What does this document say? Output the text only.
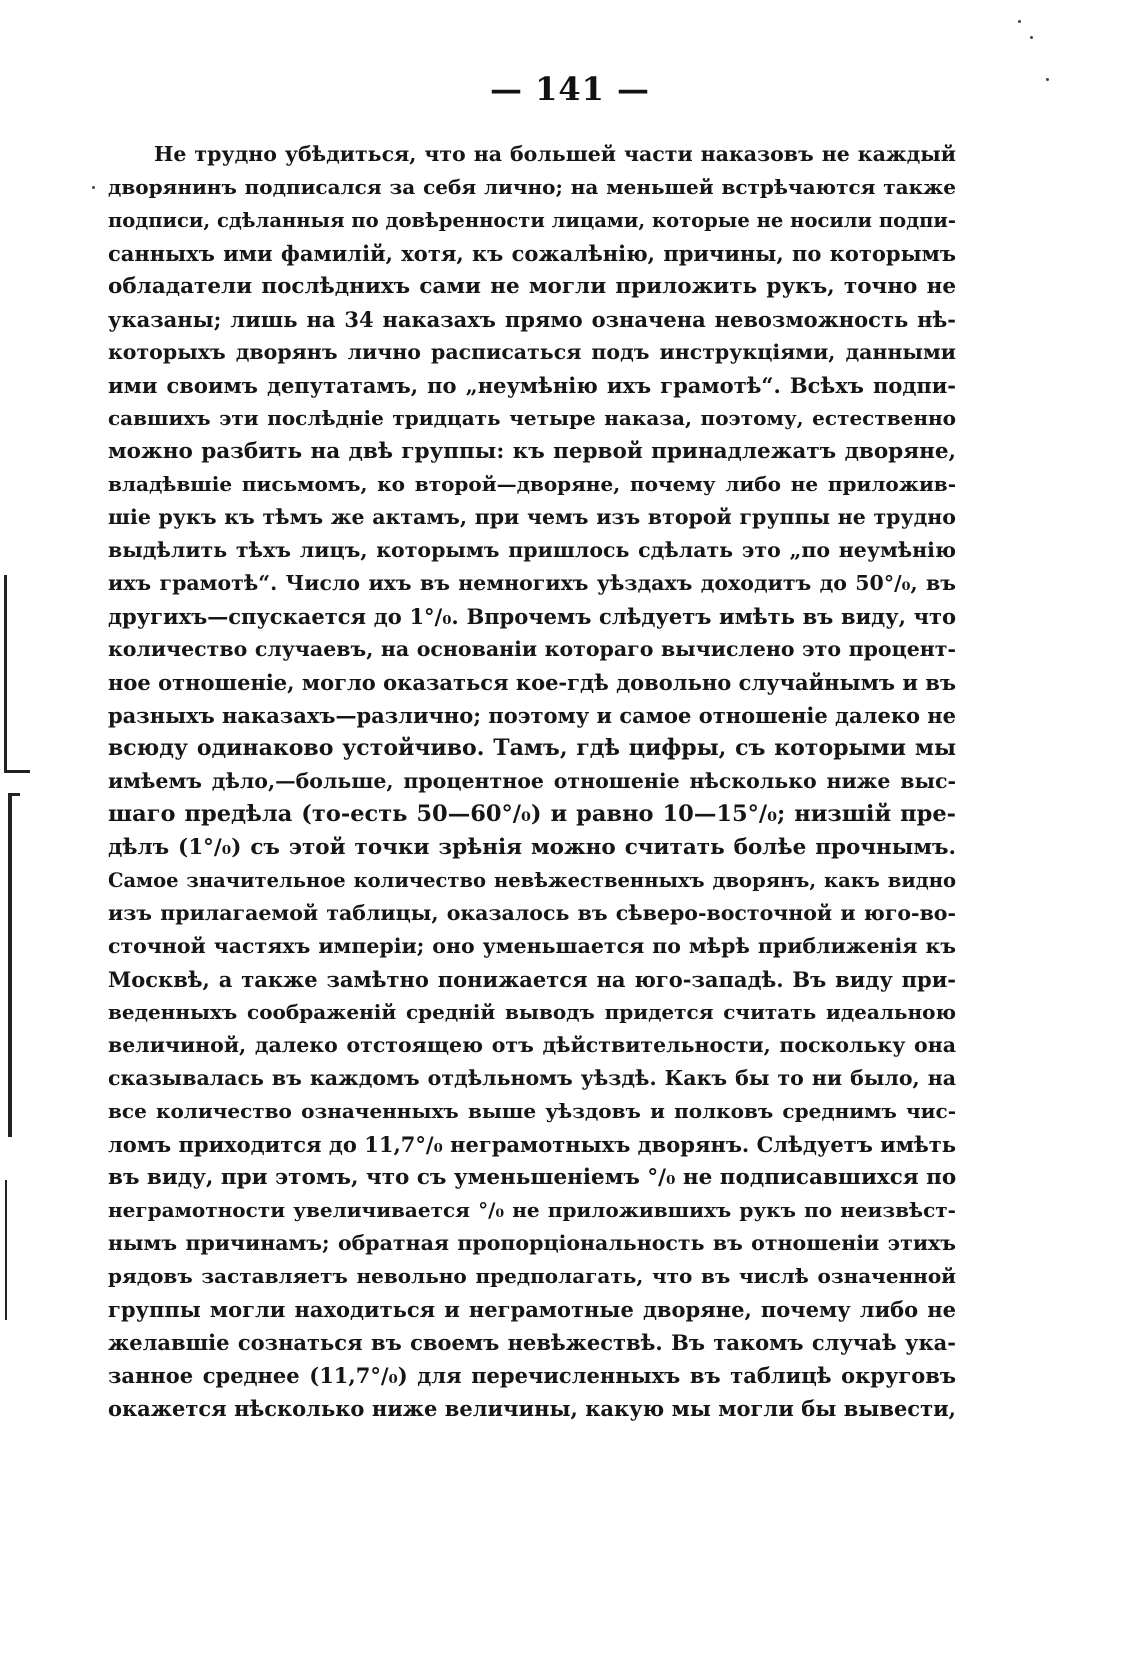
— 141 —
Не трудно убѣдиться, что на большей части наказовъ не каждый
дворянинъ подписался за себя лично; на меньшей встрѣчаются также
подписи, сдѣланныя по довѣренности лицами, которые не носили подпи-
санныхъ ими фамилій, хотя, къ сожалѣнію, причины, по которымъ
обладатели послѣднихъ сами не могли приложить рукъ, точно не
указаны; лишь на 34 наказахъ прямо означена невозможность нѣ-
которыхъ дворянъ лично расписаться подъ инструкціями, данными
ими своимъ депутатамъ, по „неумѣнію ихъ грамотѣ“. Всѣхъ подпи-
савшихъ эти послѣдніе тридцать четыре наказа, поэтому, естественно
можно разбить на двѣ группы: къ первой принадлежатъ дворяне,
владѣвшіе письмомъ, ко второй—дворяне, почему либо не приложив-
шіе рукъ къ тѣмъ же актамъ, при чемъ изъ второй группы не трудно
выдѣлить тѣхъ лицъ, которымъ пришлось сдѣлать это „по неумѣнію
ихъ грамотѣ“. Число ихъ въ немногихъ уѣздахъ доходитъ до 50°/₀, въ
другихъ—спускается до 1°/₀. Впрочемъ слѣдуетъ имѣть въ виду, что
количество случаевъ, на основаніи котораго вычислено это процент-
ное отношеніе, могло оказаться кое-гдѣ довольно случайнымъ и въ
разныхъ наказахъ—различно; поэтому и самое отношеніе далеко не
всюду одинаково устойчиво. Тамъ, гдѣ цифры, съ которыми мы
имѣемъ дѣло,—больше, процентное отношеніе нѣсколько ниже выс-
шаго предѣла (то-есть 50—60°/₀) и равно 10—15°/₀; низшій пре-
дѣлъ (1°/₀) съ этой точки зрѣнія можно считать болѣе прочнымъ.
Самое значительное количество невѣжественныхъ дворянъ, какъ видно
изъ прилагаемой таблицы, оказалось въ сѣверо-восточной и юго-во-
сточной частяхъ имперіи; оно уменьшается по мѣрѣ приближенія къ
Москвѣ, а также замѣтно понижается на юго-западѣ. Въ виду при-
веденныхъ соображеній средній выводъ придется считать идеальною
величиной, далеко отстоящею отъ дѣйствительности, поскольку она
сказывалась въ каждомъ отдѣльномъ уѣздѣ. Какъ бы то ни было, на
все количество означенныхъ выше уѣздовъ и полковъ среднимъ чис-
ломъ приходится до 11,7°/₀ неграмотныхъ дворянъ. Слѣдуетъ имѣть
въ виду, при этомъ, что съ уменьшеніемъ °/₀ не подписавшихся по
неграмотности увеличивается °/₀ не приложившихъ рукъ по неизвѣст-
нымъ причинамъ; обратная пропорціональность въ отношеніи этихъ
рядовъ заставляетъ невольно предполагать, что въ числѣ означенной
группы могли находиться и неграмотные дворяне, почему либо не
желавшіе сознаться въ своемъ невѣжествѣ. Въ такомъ случаѣ ука-
занное среднее (11,7°/₀) для перечисленныхъ въ таблицѣ округовъ
окажется нѣсколько ниже величины, какую мы могли бы вывести,
